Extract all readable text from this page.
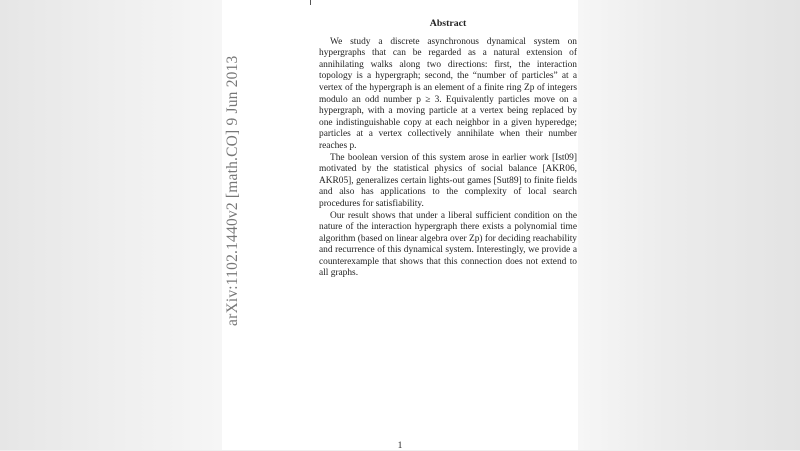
arXiv:1102.1440v2 [math.CO] 9 Jun 2013
Abstract

We study a discrete asynchronous dynamical system on hypergraphs that can be regarded as a natural extension of annihilating walks along two directions: first, the interaction topology is a hypergraph; second, the “number of particles” at a vertex of the hypergraph is an element of a finite ring Zp of integers modulo an odd number p ≥ 3. Equivalently particles move on a hypergraph, with a moving particle at a vertex being replaced by one indistinguishable copy at each neighbor in a given hyperedge; particles at a vertex collectively annihilate when their number reaches p.

The boolean version of this system arose in earlier work [Ist09] motivated by the statistical physics of social balance [AKR06, AKR05], generalizes certain lights-out games [Sut89] to finite fields and also has applications to the complexity of local search procedures for satisfiability.

Our result shows that under a liberal sufficient condition on the nature of the interaction hypergraph there exists a polynomial time algorithm (based on linear algebra over Zp) for deciding reachability and recurrence of this dynamical system. Interestingly, we provide a counterexample that shows that this connection does not extend to all graphs.

1
